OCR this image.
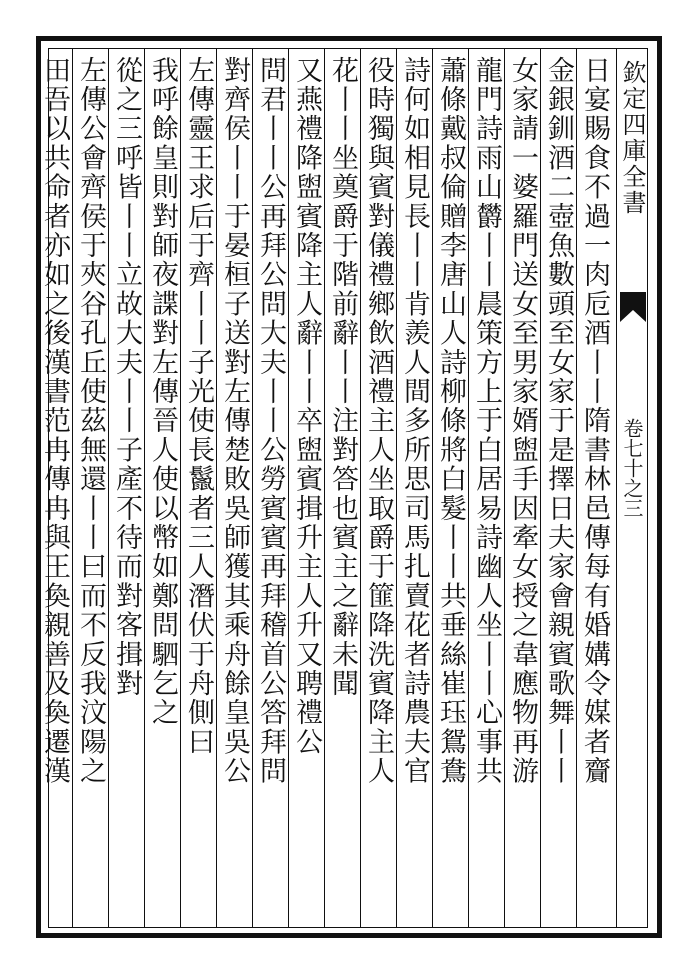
欽定四庫全書
卷七十之三
日宴賜食不過一肉卮酒丨丨隋書林邑傳每有婚媾令媒者齎
金銀釧酒二壺魚數頭至女家于是擇日夫家會親賓歌舞丨丨
女家請一婆羅門送女至男家婿盥手因牽女授之韋應物再游
龍門詩雨山欝丨丨晨策方上于白居易詩幽人坐丨丨心事共
蕭條戴叔倫贈李唐山人詩柳條將白髮丨丨共垂絲崔珏鴛鴦
詩何如相見長丨丨肯羨人間多所思司馬扎賣花者詩農夫官
役時獨與賓對儀禮鄉飲酒禮主人坐取爵于篚降洗賓降主人
花丨丨坐奠爵于階前辭丨丨注對答也賓主之辭未聞
又燕禮降盥賓降主人辭丨丨卒盥賓揖升主人升又聘禮公
問君丨丨公再拜公問大夫丨丨公勞賓賓再拜稽首公答拜問
對齊侯丨丨于晏桓子送對左傳楚敗吳師獲其乘舟餘皇吳公
左傳靈王求后于齊丨丨子光使長鬣者三人潛伏于舟側曰
我呼餘皇則對師夜諜對左傳晉人使以幣如鄭問駟乞之
從之三呼皆丨丨立故大夫丨丨子產不待而對客揖對
左傳公會齊侯于夾谷孔丘使茲無還丨丨曰而不反我汶陽之
田吾以共命者亦如之後漢書范冉傳冉與王奐親善及奐遷漢
